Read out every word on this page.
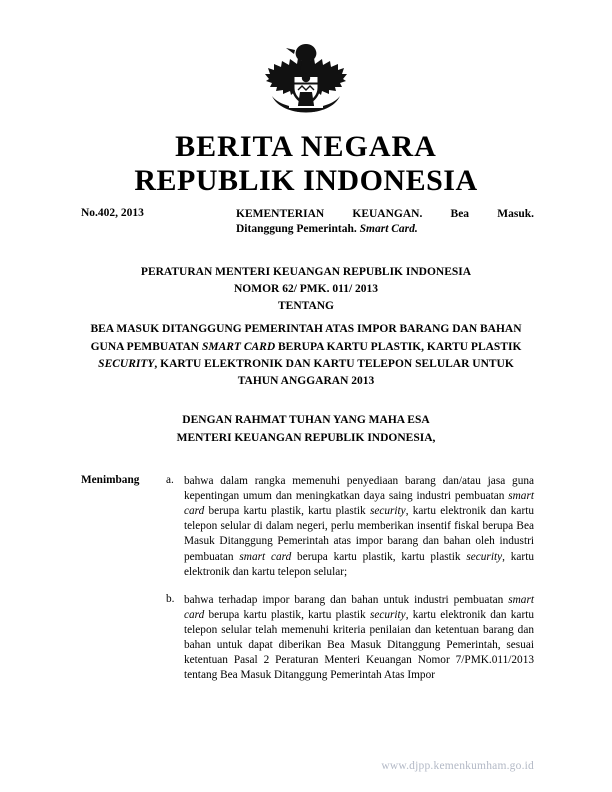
BERITA NEGARA
REPUBLIK INDONESIA
No.402, 2013	KEMENTERIAN KEUANGAN. Bea Masuk.
Ditanggung Pemerintah. Smart Card.
PERATURAN MENTERI KEUANGAN REPUBLIK INDONESIA
NOMOR 62/ PMK. 011/ 2013
TENTANG
BEA MASUK DITANGGUNG PEMERINTAH ATAS IMPOR BARANG DAN BAHAN GUNA PEMBUATAN SMART CARD BERUPA KARTU PLASTIK, KARTU PLASTIK SECURITY, KARTU ELEKTRONIK DAN KARTU TELEPON SELULAR UNTUK TAHUN ANGGARAN 2013
DENGAN RAHMAT TUHAN YANG MAHA ESA
MENTERI KEUANGAN REPUBLIK INDONESIA,
Menimbang	a. bahwa dalam rangka memenuhi penyediaan barang dan/atau jasa guna kepentingan umum dan meningkatkan daya saing industri pembuatan smart card berupa kartu plastik, kartu plastik security, kartu elektronik dan kartu telepon selular di dalam negeri, perlu memberikan insentif fiskal berupa Bea Masuk Ditanggung Pemerintah atas impor barang dan bahan oleh industri pembuatan smart card berupa kartu plastik, kartu plastik security, kartu elektronik dan kartu telepon selular;
b. bahwa terhadap impor barang dan bahan untuk industri pembuatan smart card berupa kartu plastik, kartu plastik security, kartu elektronik dan kartu telepon selular telah memenuhi kriteria penilaian dan ketentuan barang dan bahan untuk dapat diberikan Bea Masuk Ditanggung Pemerintah, sesuai ketentuan Pasal 2 Peraturan Menteri Keuangan Nomor 7/PMK.011/2013 tentang Bea Masuk Ditanggung Pemerintah Atas Impor
www.djpp.kemenkumham.go.id
